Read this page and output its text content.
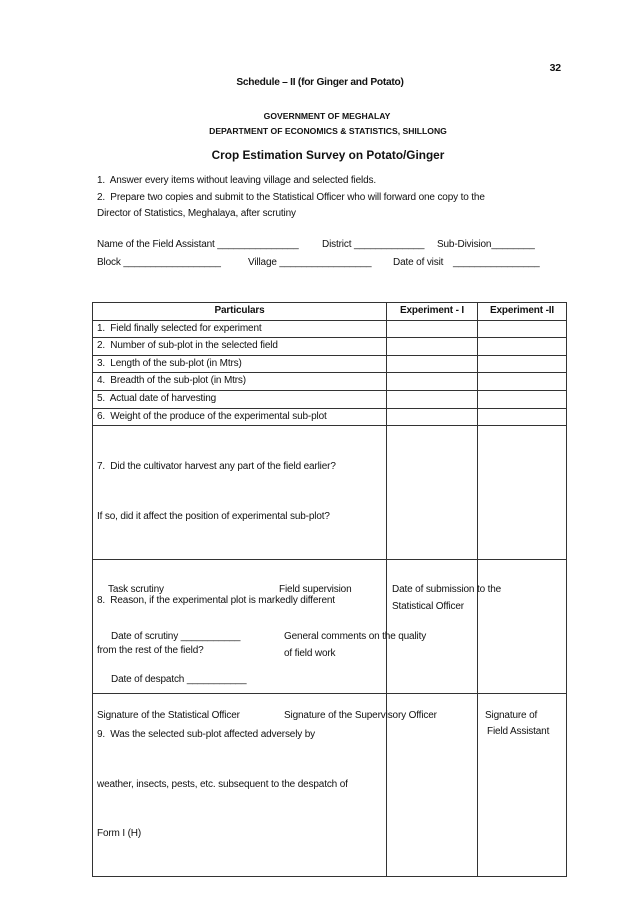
32
Schedule – II (for Ginger and Potato)
GOVERNMENT OF MEGHALAY
DEPARTMENT OF ECONOMICS & STATISTICS, SHILLONG
Crop Estimation Survey on Potato/Ginger
1.  Answer every items without leaving village and selected fields.
2.  Prepare two copies and submit to the Statistical Officer who will forward one copy to the
Director of Statistics, Meghalaya, after scrutiny
Name of the Field Assistant _______________ District _____________ Sub-Division________
Block __________________	Village _________________ Date of visit ________________
Particulars	Experiment - I	Experiment -II

1.  Field finally selected for experiment		

2.  Number of sub-plot in the selected field		

3.  Length of the sub-plot (in Mtrs)		

4.  Breadth of the sub-plot (in Mtrs)		

5.  Actual date of harvesting		

6.  Weight of the produce of the experimental sub-plot		

7.  Did the cultivator harvest any part of the field earlier?

If so, did it affect the position of experimental sub-plot?		

8.  Reason, if the experimental plot is markedly different

from the rest of the field?		

9.  Was the selected sub-plot affected adversely by

weather, insects, pests, etc. subsequent to the despatch of

Form I (H)		

Task scrutiny	Field supervision	Date of submission to the
Statistical Officer
Date of scrutiny ___________	General comments on the quality
of field work
Date of despatch ___________
Signature of the Statistical Officer	Signature of the Supervisory Officer	Signature of
Field Assistant
